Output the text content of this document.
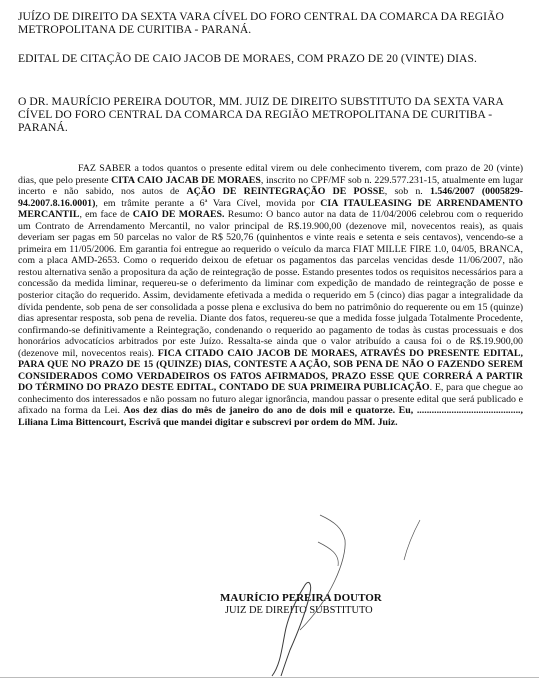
JUÍZO DE DIREITO DA SEXTA VARA CÍVEL DO FORO CENTRAL DA COMARCA DA REGIÃO METROPOLITANA DE CURITIBA - PARANÁ.

EDITAL DE CITAÇÃO DE CAIO JACOB DE MORAES, COM PRAZO DE 20 (VINTE) DIAS.

O DR. MAURÍCIO PEREIRA DOUTOR, MM. JUIZ DE DIREITO SUBSTITUTO DA SEXTA VARA CÍVEL DO FORO CENTRAL DA COMARCA DA REGIÃO METROPOLITANA DE CURITIBA - PARANÁ.

FAZ SABER a todos quantos o presente edital virem ou dele conhecimento tiverem, com prazo de 20 (vinte) dias, que pelo presente CITA CAIO JACAB DE MORAES, inscrito no CPF/MF sob n. 229.577.231-15, atualmente em lugar incerto e não sabido, nos autos de AÇÃO DE REINTEGRAÇÃO DE POSSE, sob n. 1.546/2007 (0005829-94.2007.8.16.0001), em trâmite perante a 6ª Vara Cível, movida por CIA ITAULEASING DE ARRENDAMENTO MERCANTIL, em face de CAIO DE MORAES. Resumo: O banco autor na data de 11/04/2006 celebrou com o requerido um Contrato de Arrendamento Mercantil, no valor principal de R$.19.900,00 (dezenove mil, novecentos reais), as quais deveriam ser pagas em 50 parcelas no valor de R$ 520,76 (quinhentos e vinte reais e setenta e seis centavos), vencendo-se a primeira em 11/05/2006. Em garantia foi entregue ao requerido o veículo da marca FIAT MILLE FIRE 1.0, 04/05, BRANCA, com a placa AMD-2653. Como o requerido deixou de efetuar os pagamentos das parcelas vencidas desde 11/06/2007, não restou alternativa senão a propositura da ação de reintegração de posse. Estando presentes todos os requisitos necessários para a concessão da medida liminar, requereu-se o deferimento da liminar com expedição de mandado de reintegração de posse e posterior citação do requerido. Assim, devidamente efetivada a medida o requerido em 5 (cinco) dias pagar a integralidade da dívida pendente, sob pena de ser consolidada a posse plena e exclusiva do bem no patrimônio do requerente ou em 15 (quinze) dias apresentar resposta, sob pena de revelia. Diante dos fatos, requereu-se que a medida fosse julgada Totalmente Procedente, confirmando-se definitivamente a Reintegração, condenando o requerido ao pagamento de todas às custas processuais e dos honorários advocatícios arbitrados por este Juízo. Ressalta-se ainda que o valor atribuído a causa foi o de R$.19.900,00 (dezenove mil, novecentos reais). FICA CITADO CAIO JACOB DE MORAES, ATRAVÉS DO PRESENTE EDITAL, PARA QUE NO PRAZO DE 15 (QUINZE) DIAS, CONTESTE A AÇÃO, SOB PENA DE NÃO O FAZENDO SEREM CONSIDERADOS COMO VERDADEIROS OS FATOS AFIRMADOS, PRAZO ESSE QUE CORRERÁ A PARTIR DO TÉRMINO DO PRAZO DESTE EDITAL, CONTADO DE SUA PRIMEIRA PUBLICAÇÃO. E, para que chegue ao conhecimento dos interessados e não possam no futuro alegar ignorância, mandou passar o presente edital que será publicado e afixado na forma da Lei. Aos dez dias do mês de janeiro do ano de dois mil e quatorze. Eu, .........................................., Liliana Lima Bittencourt, Escrivã que mandei digitar e subscrevi por ordem do MM. Juiz.

MAURÍCIO PEREIRA DOUTOR
JUIZ DE DIREITO SUBSTITUTO
